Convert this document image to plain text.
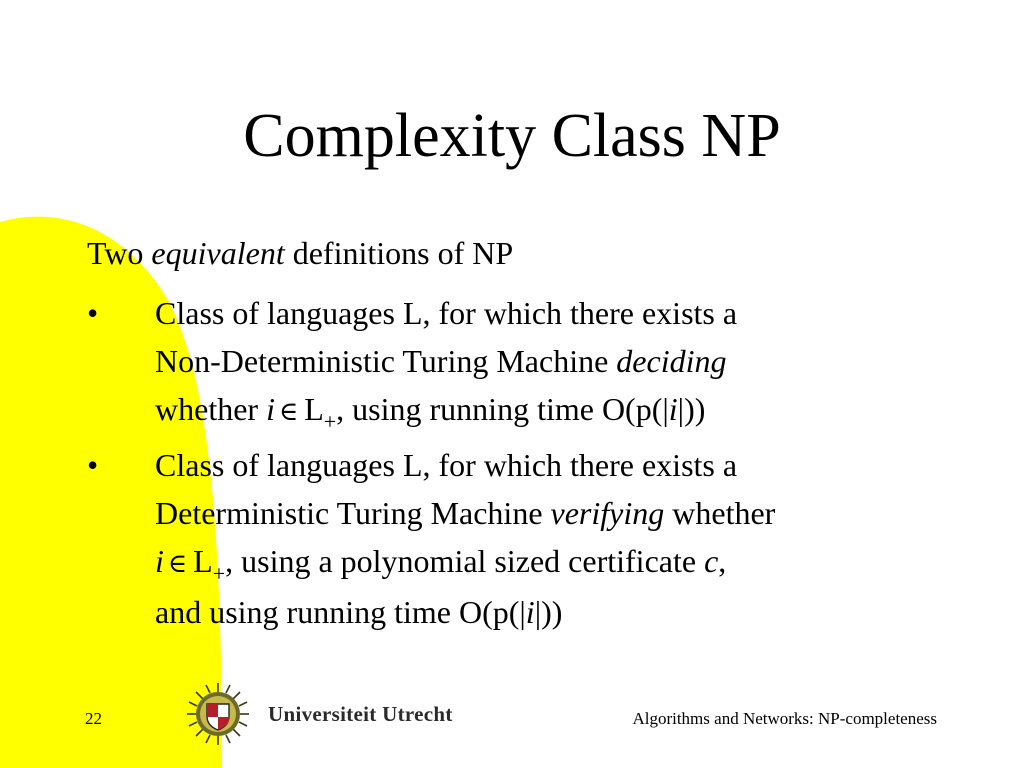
Complexity Class NP
Two equivalent definitions of NP
•	Class of languages L, for which there exists a
Non-Deterministic Turing Machine deciding
whether i ∈ $L_+$, using running time O(p(|i|))
•	Class of languages L, for which there exists a
Deterministic Turing Machine verifying whether
i ∈ $L_+$, using a polynomial sized certificate c,
and using running time O(p(|i|))
22	Universiteit Utrecht	Algorithms and Networks: NP-completeness
